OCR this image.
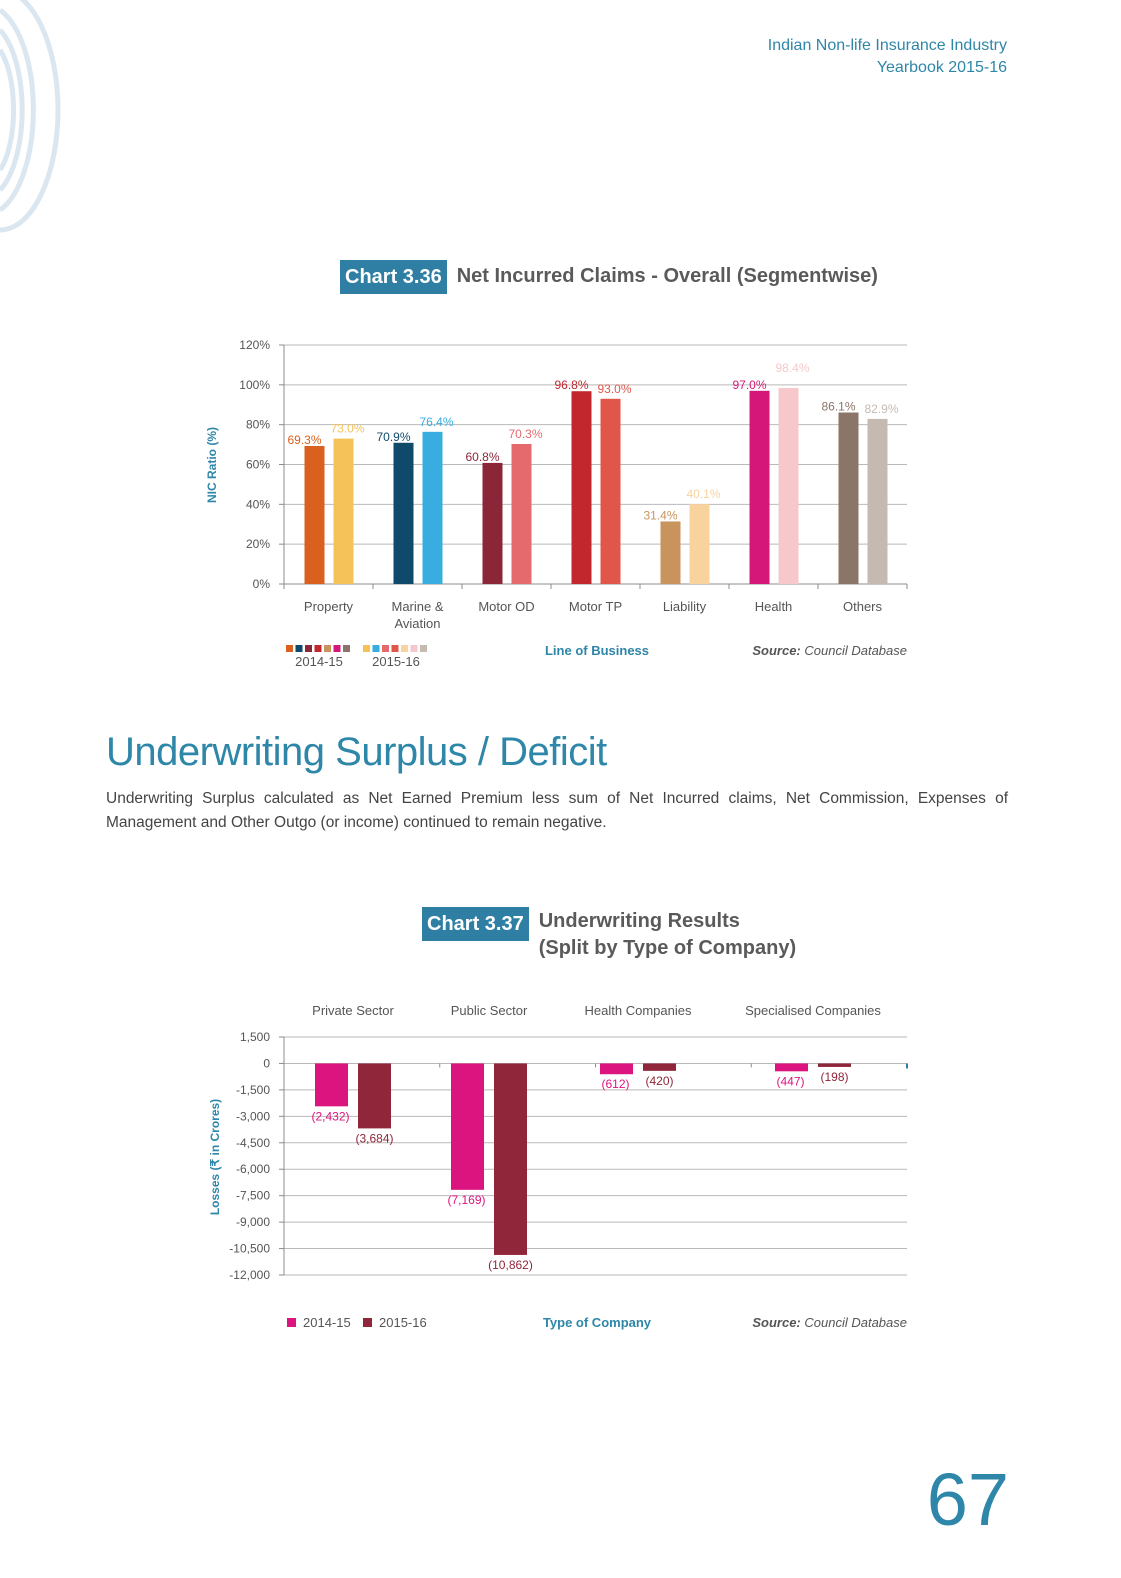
Indian Non-life Insurance Industry
Yearbook 2015-16
Chart 3.36 Net Incurred Claims - Overall (Segmentwise)
0%
20%
40%
60%
80%
100%
120%
NIC Ratio (%)	69.3%
73.0%
Property
70.9%
76.4%
Marine &
Aviation
60.8%
70.3%
Motor OD
96.8% 93.0%
Motor TP
31.4%
40.1%
Liability
97.0%
98.4%
Health
86.1% 82.9%
Others
2014-15 2015-16
Line of Business	Source: Council Database
Underwriting Surplus / Deficit

Underwriting Surplus calculated as Net Earned Premium less sum of Net Incurred claims, Net Commission, Expenses of Management and Other Outgo (or income) continued to remain negative.

Chart 3.37 Underwriting Results
(Split by Type of Company)
-12,000
-10,500
-9,000
-7,500
-6,000
-4,500
-3,000
-1,500
0
1,500
Losses (₹ in Crores)
Private Sector
(2,432)
(3,684)
Public Sector
(7,169)
(10,862)
Health Companies
(612) (420)
Specialised Companies
(447) (198)
2014-15 2015-16	Type of Company	Source: Council Database
67
